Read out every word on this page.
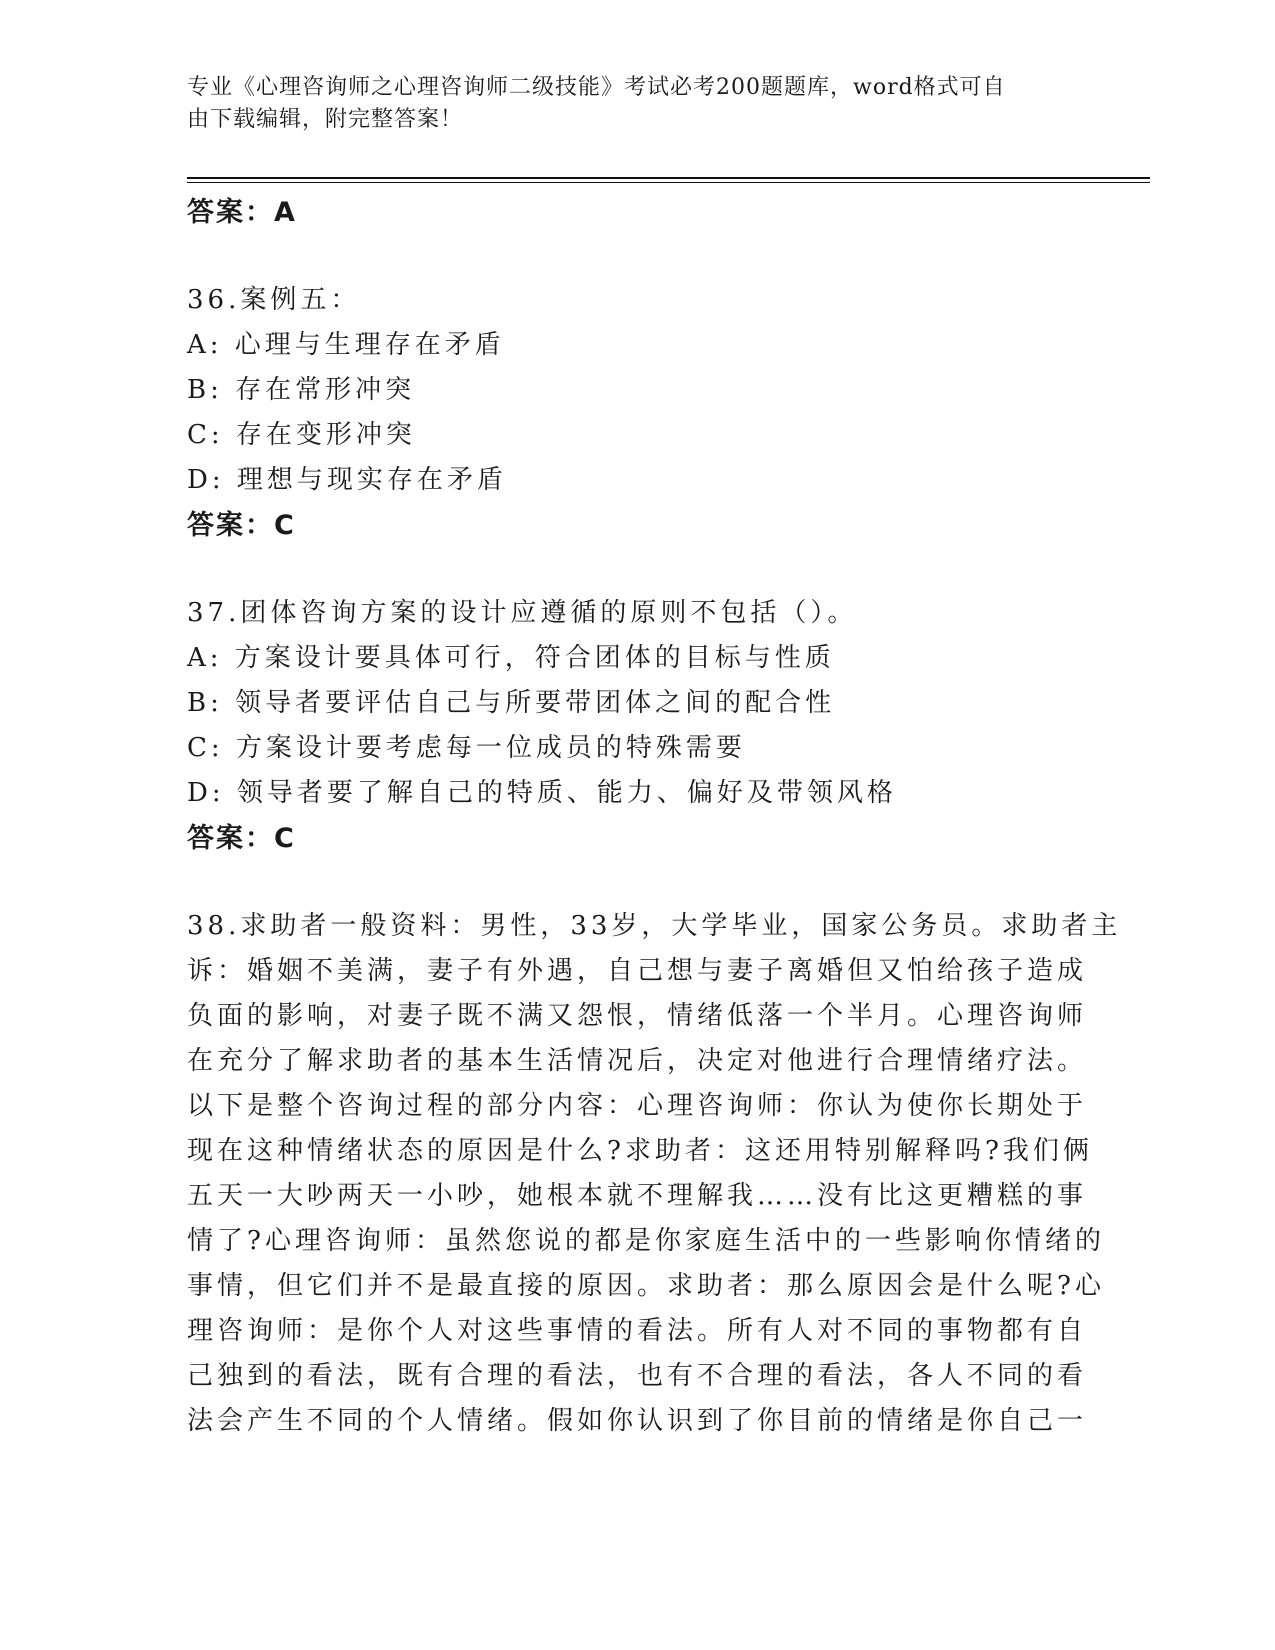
专业《心理咨询师之心理咨询师二级技能》考试必考200题题库，word格式可自
由下载编辑，附完整答案！
答案：A
36.案例五：
A: 心理与生理存在矛盾
B: 存在常形冲突
C: 存在变形冲突
D: 理想与现实存在矛盾
答案：C
37.团体咨询方案的设计应遵循的原则不包括（）。
A: 方案设计要具体可行，符合团体的目标与性质
B: 领导者要评估自己与所要带团体之间的配合性
C: 方案设计要考虑每一位成员的特殊需要
D: 领导者要了解自己的特质、能力、偏好及带领风格
答案：C
38.求助者一般资料：男性，33岁，大学毕业，国家公务员。求助者主
诉：婚姻不美满，妻子有外遇，自己想与妻子离婚但又怕给孩子造成
负面的影响，对妻子既不满又怨恨，情绪低落一个半月。心理咨询师
在充分了解求助者的基本生活情况后，决定对他进行合理情绪疗法。
以下是整个咨询过程的部分内容：心理咨询师：你认为使你长期处于
现在这种情绪状态的原因是什么?求助者：这还用特别解释吗?我们俩
五天一大吵两天一小吵，她根本就不理解我……没有比这更糟糕的事
情了?心理咨询师：虽然您说的都是你家庭生活中的一些影响你情绪的
事情，但它们并不是最直接的原因。求助者：那么原因会是什么呢?心
理咨询师：是你个人对这些事情的看法。所有人对不同的事物都有自
己独到的看法，既有合理的看法，也有不合理的看法，各人不同的看
法会产生不同的个人情绪。假如你认识到了你目前的情绪是你自己一
